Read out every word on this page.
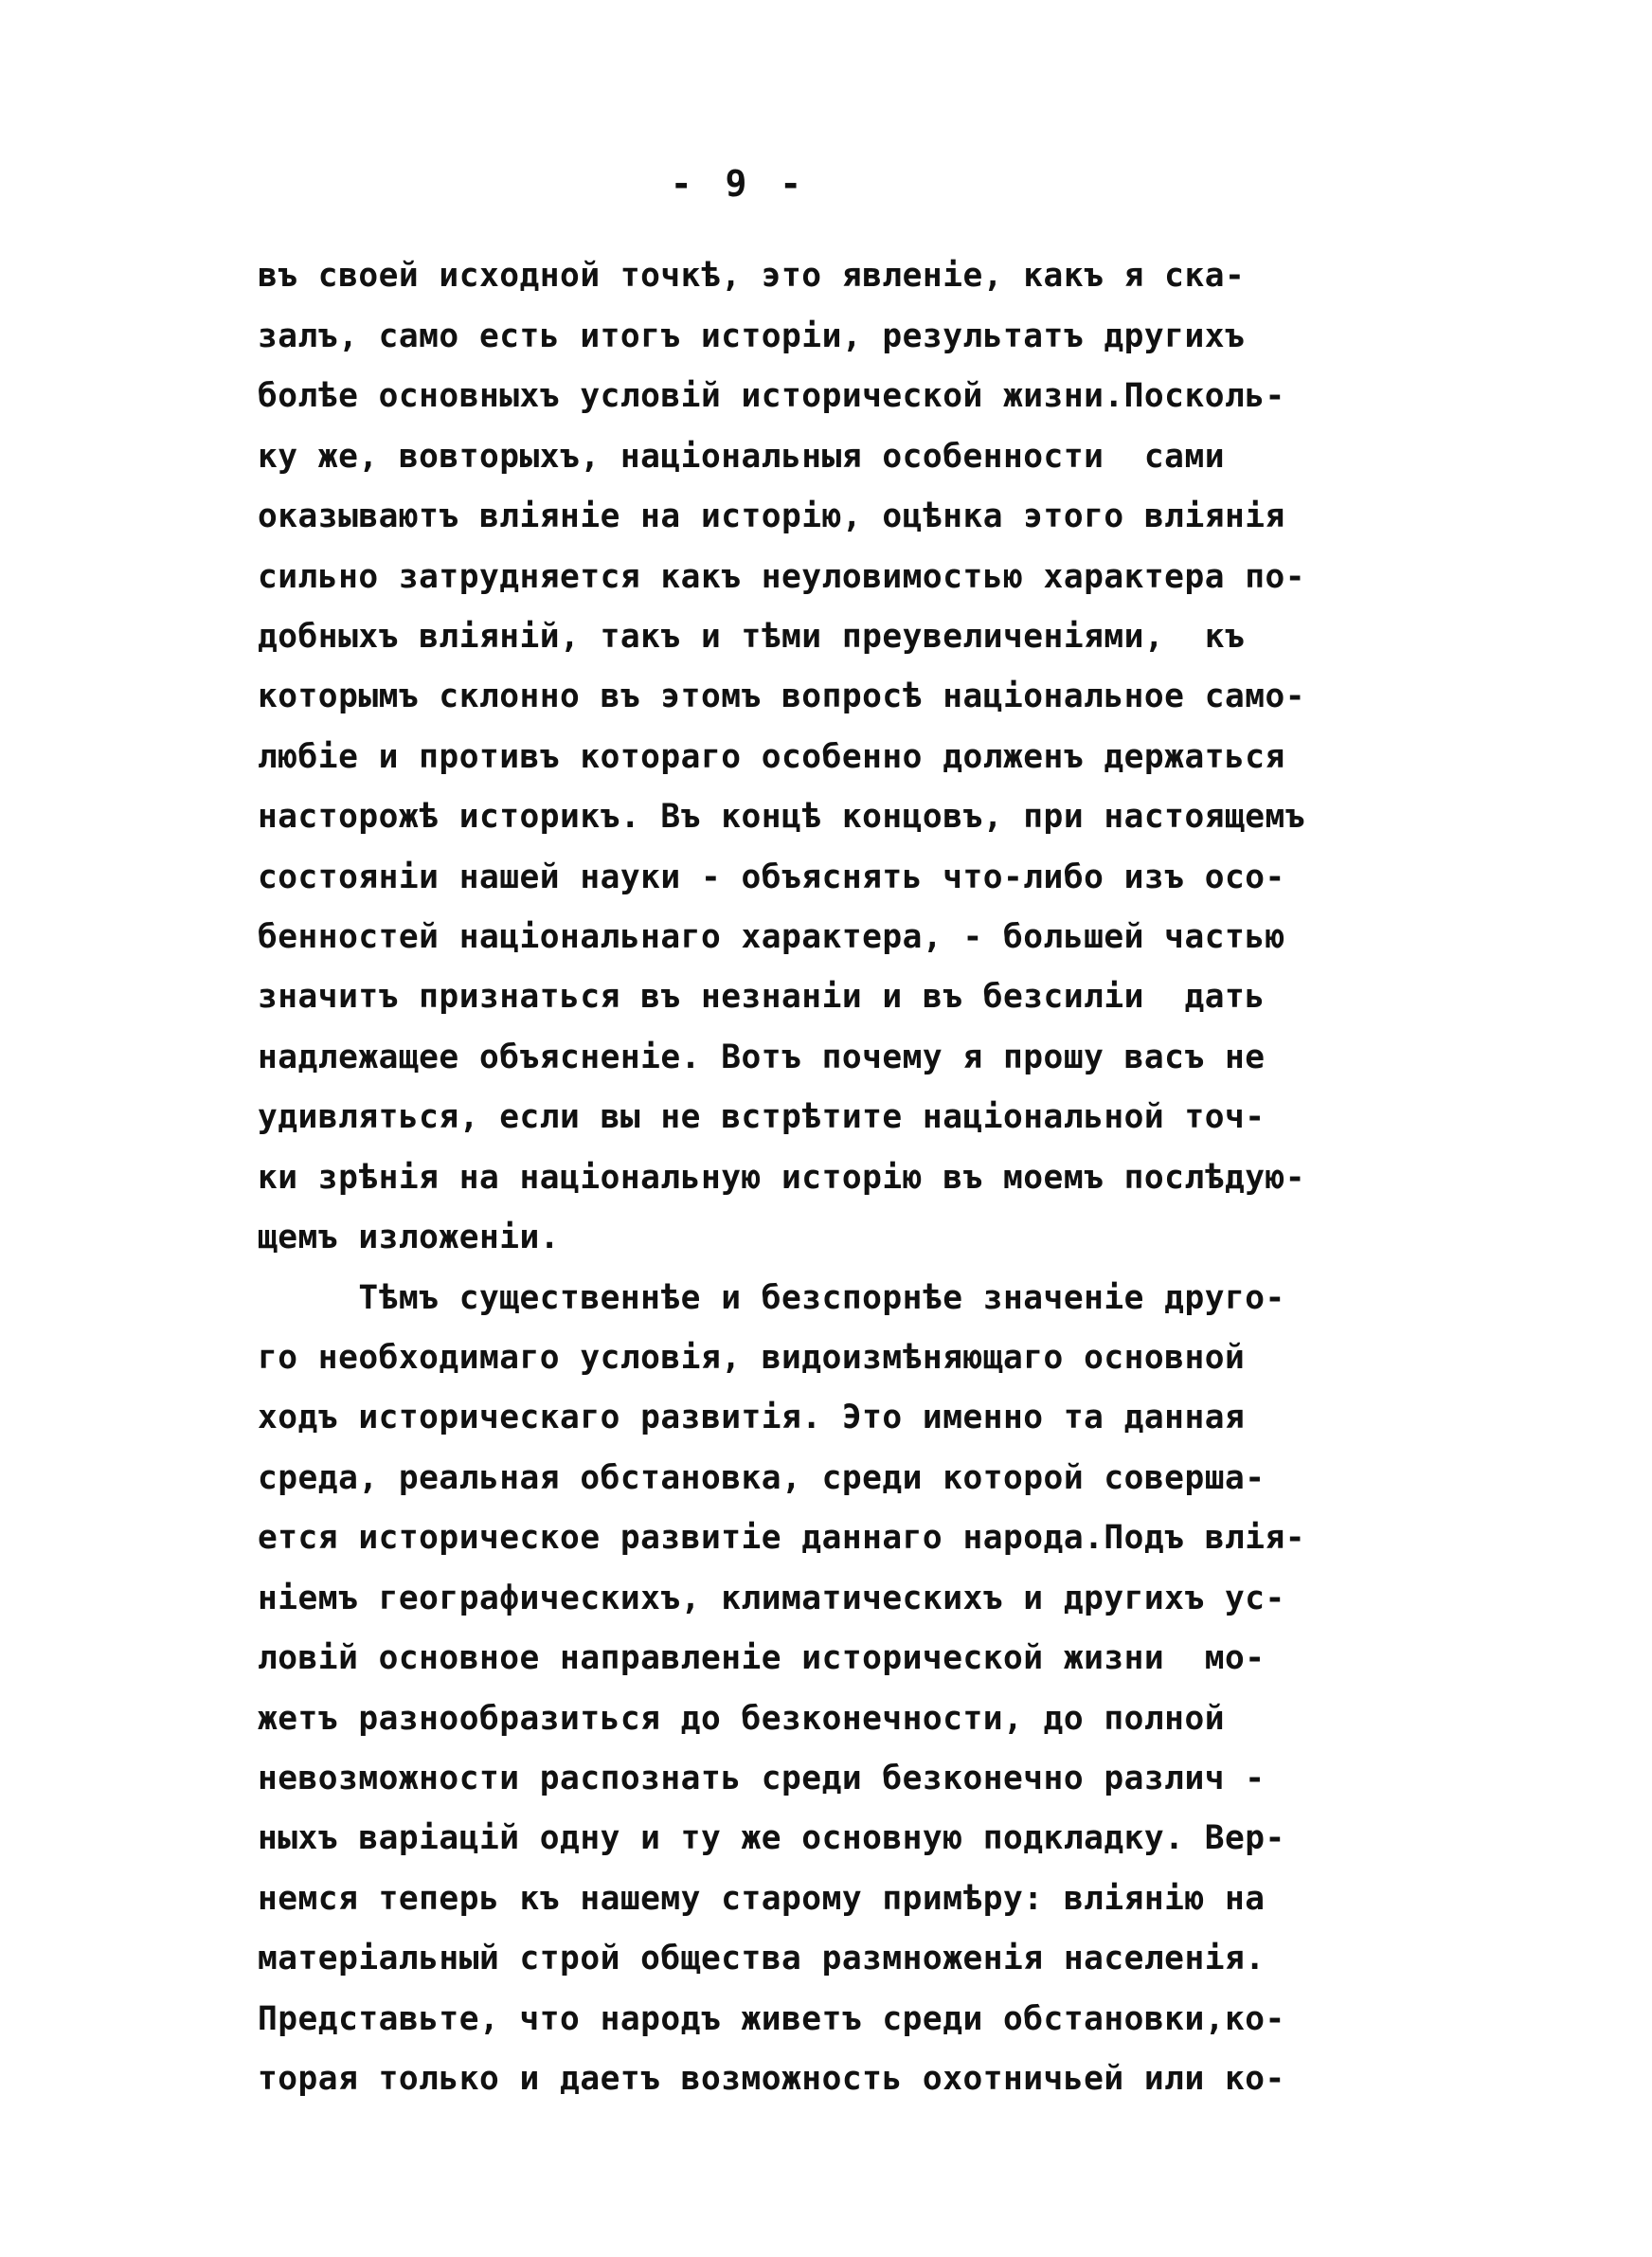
- 9 -
въ своей исходной точкѣ, это явленіе, какъ я ска-
залъ, само есть итогъ исторіи, результатъ другихъ
болѣе основныхъ условій исторической жизни.Посколь-
ку же, вовторыхъ, національныя особенности  сами
оказываютъ вліяніе на исторію, оцѣнка этого вліянія
сильно затрудняется какъ неуловимостью характера по-
добныхъ вліяній, такъ и тѣми преувеличеніями,  къ
которымъ склонно въ этомъ вопросѣ національное само-
любіе и противъ котораго особенно долженъ держаться
насторожѣ историкъ. Въ концѣ концовъ, при настоящемъ
состояніи нашей науки - объяснять что-либо изъ осо-
бенностей національнаго характера, - большей частью
значитъ признаться въ незнаніи и въ безсиліи  дать
надлежащее объясненіе. Вотъ почему я прошу васъ не
удивляться, если вы не встрѣтите національной точ-
ки зрѣнія на національную исторію въ моемъ послѣдую-
щемъ изложеніи.
Тѣмъ существеннѣе и безспорнѣе значеніе друго-
го необходимаго условія, видоизмѣняющаго основной
ходъ историческаго развитія. Это именно та данная
среда, реальная обстановка, среди которой соверша-
ется историческое развитіе даннаго народа.Подъ влія-
ніемъ географическихъ, климатическихъ и другихъ ус-
ловій основное направленіе исторической жизни  мо-
жетъ разнообразиться до безконечности, до полной
невозможности распознать среди безконечно различ -
ныхъ варіацій одну и ту же основную подкладку. Вер-
немся теперь къ нашему старому примѣру: вліянію на
матеріальный строй общества размноженія населенія.
Представьте, что народъ живетъ среди обстановки,ко-
торая только и даетъ возможность охотничьей или ко-
